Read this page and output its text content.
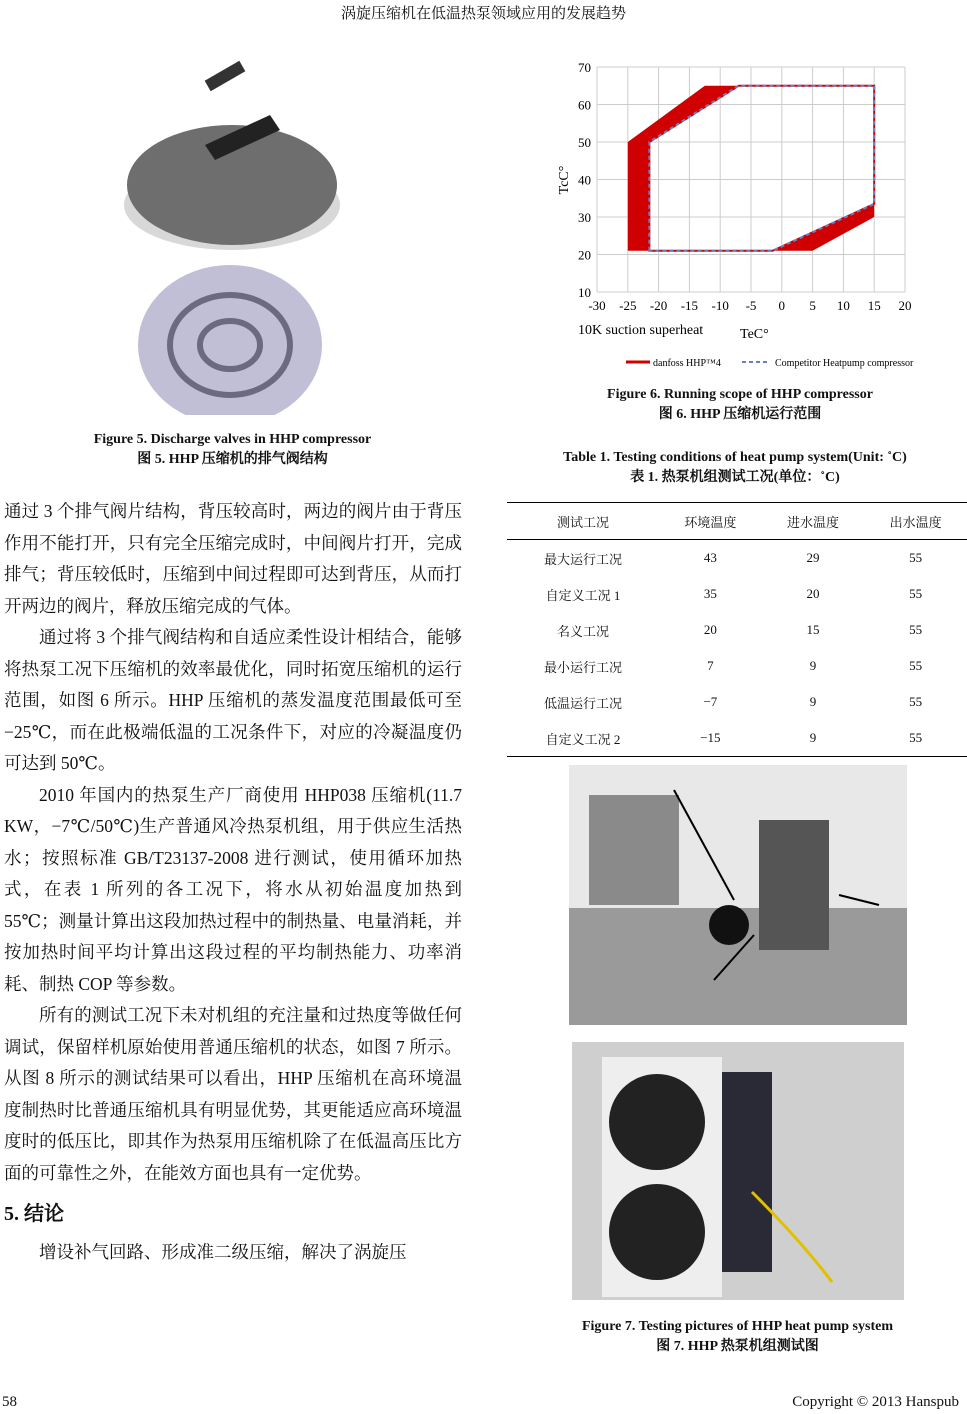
涡旋压缩机在低温热泵领域应用的发展趋势
Figure 5. Discharge valves in HHP compressor
图 5. HHP 压缩机的排气阀结构

通过 3 个排气阀片结构，背压较高时，两边的阀片由于背压作用不能打开，只有完全压缩完成时，中间阀片打开，完成排气；背压较低时，压缩到中间过程即可达到背压，从而打开两边的阀片，释放压缩完成的气体。

通过将 3 个排气阀结构和自适应柔性设计相结合，能够将热泵工况下压缩机的效率最优化，同时拓宽压缩机的运行范围，如图 6 所示。HHP 压缩机的蒸发温度范围最低可至−25℃，而在此极端低温的工况条件下，对应的冷凝温度仍可达到 50℃。

2010 年国内的热泵生产厂商使用 HHP038 压缩机(11.7 KW，−7℃/50℃)生产普通风冷热泵机组，用于供应生活热水；按照标准 GB/T23137-2008 进行测试，使用循环加热式，在表 1 所列的各工况下，将水从初始温度加热到 55℃；测量计算出这段加热过程中的制热量、电量消耗，并按加热时间平均计算出这段过程的平均制热能力、功率消耗、制热 COP 等参数。

所有的测试工况下未对机组的充注量和过热度等做任何调试，保留样机原始使用普通压缩机的状态，如图 7 所示。从图 8 所示的测试结果可以看出，HHP 压缩机在高环境温度制热时比普通压缩机具有明显优势，其更能适应高环境温度时的低压比，即其作为热泵用压缩机除了在低温高压比方面的可靠性之外，在能效方面也具有一定优势。

5. 结论

增设补气回路、形成准二级压缩，解决了涡旋压

-30 -25 -20 -15 -10 -5 0 5 10 15 20
10
20
30
40
50
60
70
TcC°
10K suction superheat	TeC°
danfoss HHP™4	Competitor Heatpump compressor
Figure 6. Running scope of HHP compressor
图 6. HHP 压缩机运行范围
Table 1. Testing conditions of heat pump system(Unit: ˚C)
表 1. 热泵机组测试工况(单位：˚C)
测试工况	环境温度	进水温度	出水温度
最大运行工况	43	29	55
自定义工况 1	35	20	55
名义工况	20	15	55
最小运行工况	7	9	55
低温运行工况	−7	9	55
自定义工况 2	−15	9	55
Figure 7. Testing pictures of HHP heat pump system
图 7. HHP 热泵机组测试图
58	Copyright © 2013 Hanspub
